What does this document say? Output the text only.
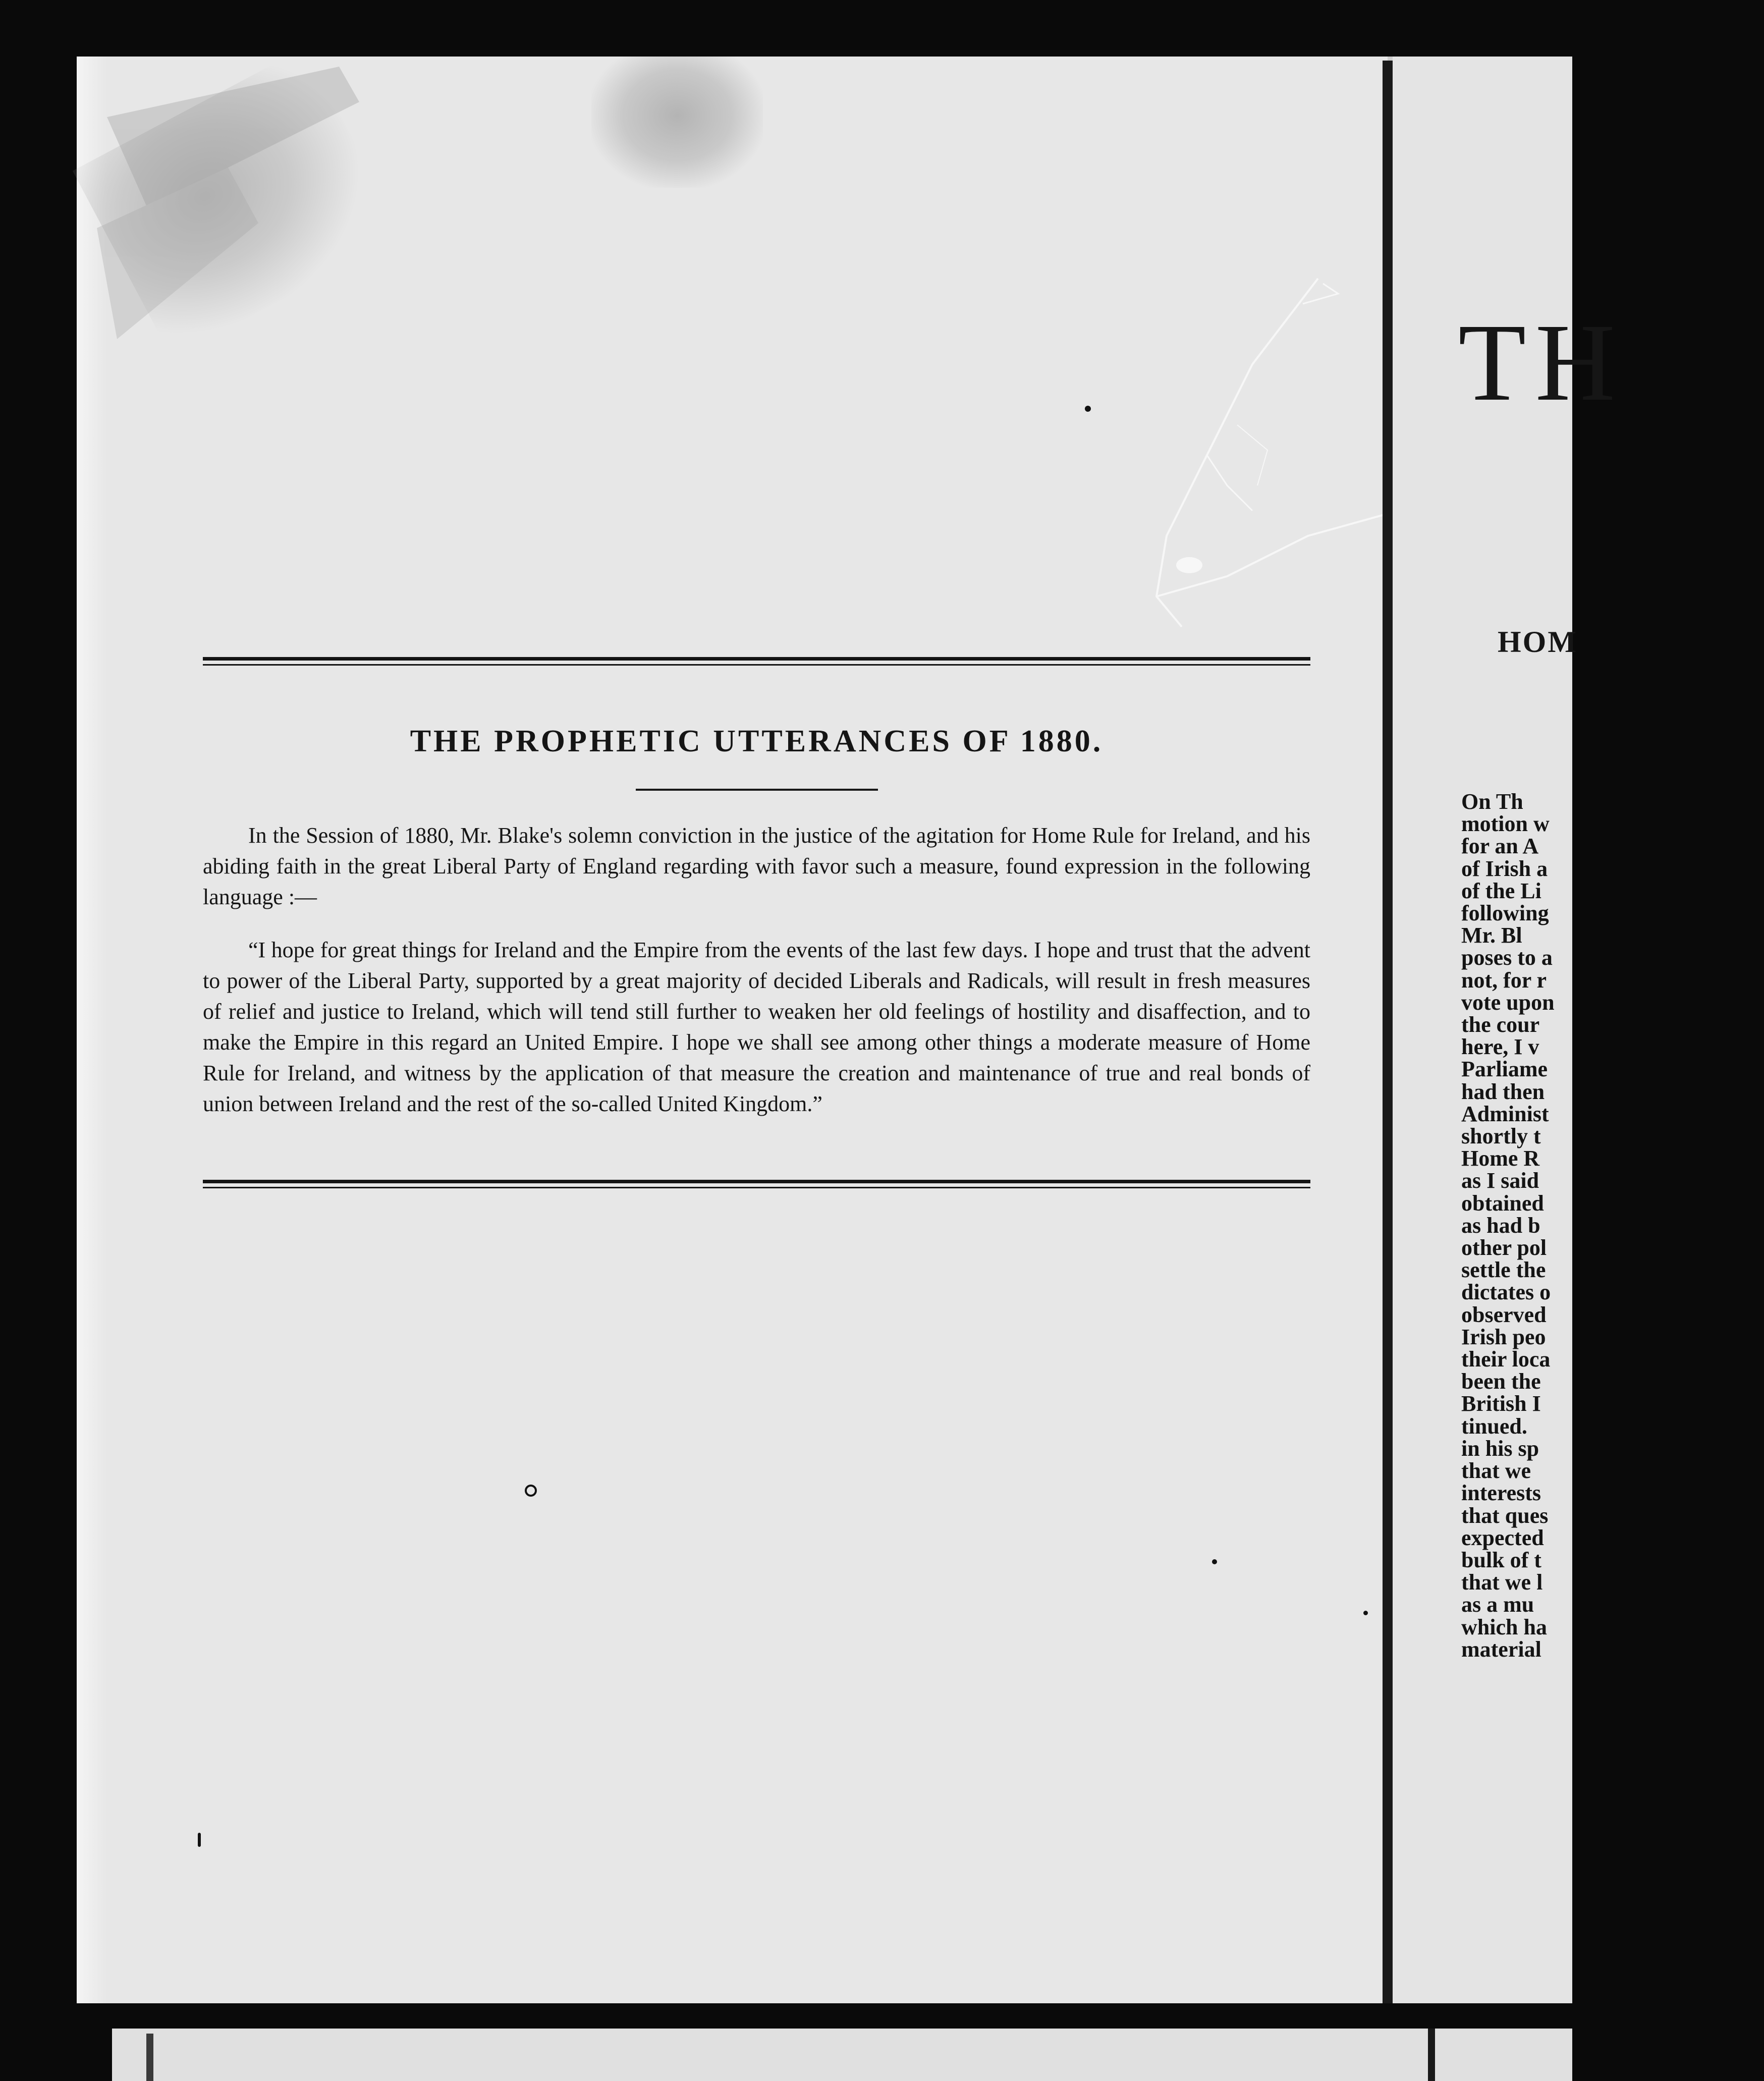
THE PROPHETIC UTTERANCES OF 1880.

In the Session of 1880, Mr. Blake's solemn conviction in the justice of the agitation for Home Rule for Ireland, and his abiding faith in the great Liberal Party of England regarding with favor such a measure, found expression in the following language :—

“I hope for great things for Ireland and the Empire from the events of the last few days. I hope and trust that the advent to power of the Liberal Party, supported by a great majority of decided Liberals and Radicals, will result in fresh measures of relief and justice to Ireland, which will tend still further to weaken her old feelings of hostility and disaffection, and to make the Empire in this regard an United Empire. I hope we shall see among other things a moderate measure of Home Rule for Ireland, and witness by the application of that measure the creation and maintenance of true and real bonds of union between Ireland and the rest of the so-called United Kingdom.”

TH
HOM
On Th
motion w
for an A
of Irish a
of the Li
following
Mr. Bl
poses to a
not, for r
vote upon
the cour
here, I v
Parliame
had then
Administ
shortly t
Home R
as I said
obtained
as had b
other pol
settle the
dictates o
observed
Irish peo
their loca
been the
British I
tinued.
in his sp
that we
interests
that ques
expected
bulk of t
that we l
as a mu
which ha
material
